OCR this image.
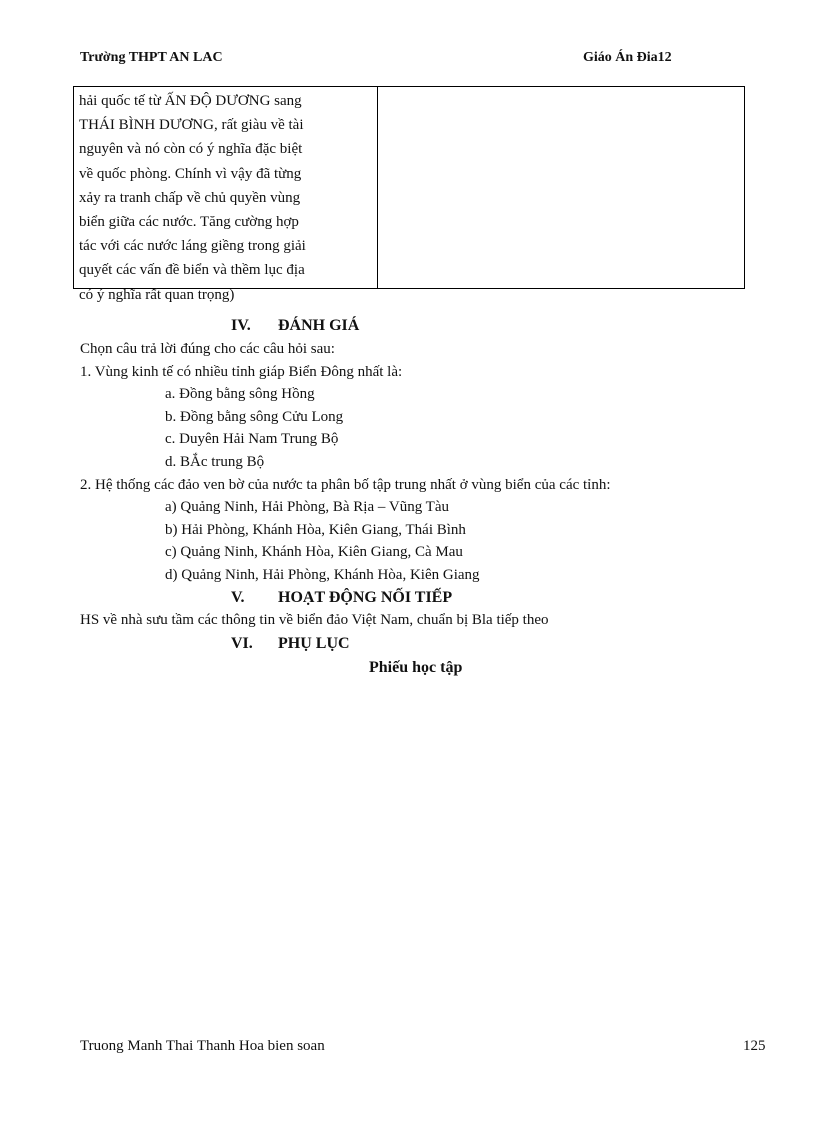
Trường THPT AN LAC	Giáo Án Đia12
hải quốc tế từ ẤN ĐỘ DƯƠNG sang
THÁI BÌNH DƯƠNG, rất giàu về tài
nguyên và nó còn có ý nghĩa đặc biệt
về quốc phòng. Chính vì vậy đã từng
xảy ra tranh chấp về chủ quyền vùng
biển giữa các nước. Tăng cường hợp
tác với các nước láng giềng trong giải
quyết các vấn đề biển và thềm lục địa
có ý nghĩa rất quan trọng)
IV. ĐÁNH GIÁ
Chọn câu trả lời đúng cho các câu hỏi sau:
1. Vùng kinh tế có nhiều tỉnh giáp Biển Đông nhất là:
a. Đồng bằng sông Hồng
b. Đồng bằng sông Cửu Long
c. Duyên Hải Nam Trung Bộ
d. BẮc trung Bộ
2. Hệ thống các đảo ven bờ của nước ta phân bố tập trung nhất ở vùng biển của các tỉnh:
a) Quảng Ninh, Hải Phòng, Bà Rịa – Vũng Tàu
b) Hải Phòng, Khánh Hòa, Kiên Giang, Thái Bình
c) Quảng Ninh, Khánh Hòa, Kiên Giang, Cà Mau
d) Quảng Ninh, Hải Phòng, Khánh Hòa, Kiên Giang
V. HOẠT ĐỘNG NỐI TIẾP
HS về nhà sưu tầm các thông tin về biển đảo Việt Nam, chuẩn bị Bla tiếp theo
VI. PHỤ LỤC
Phiếu học tập
Truong Manh Thai Thanh Hoa bien soan	125
